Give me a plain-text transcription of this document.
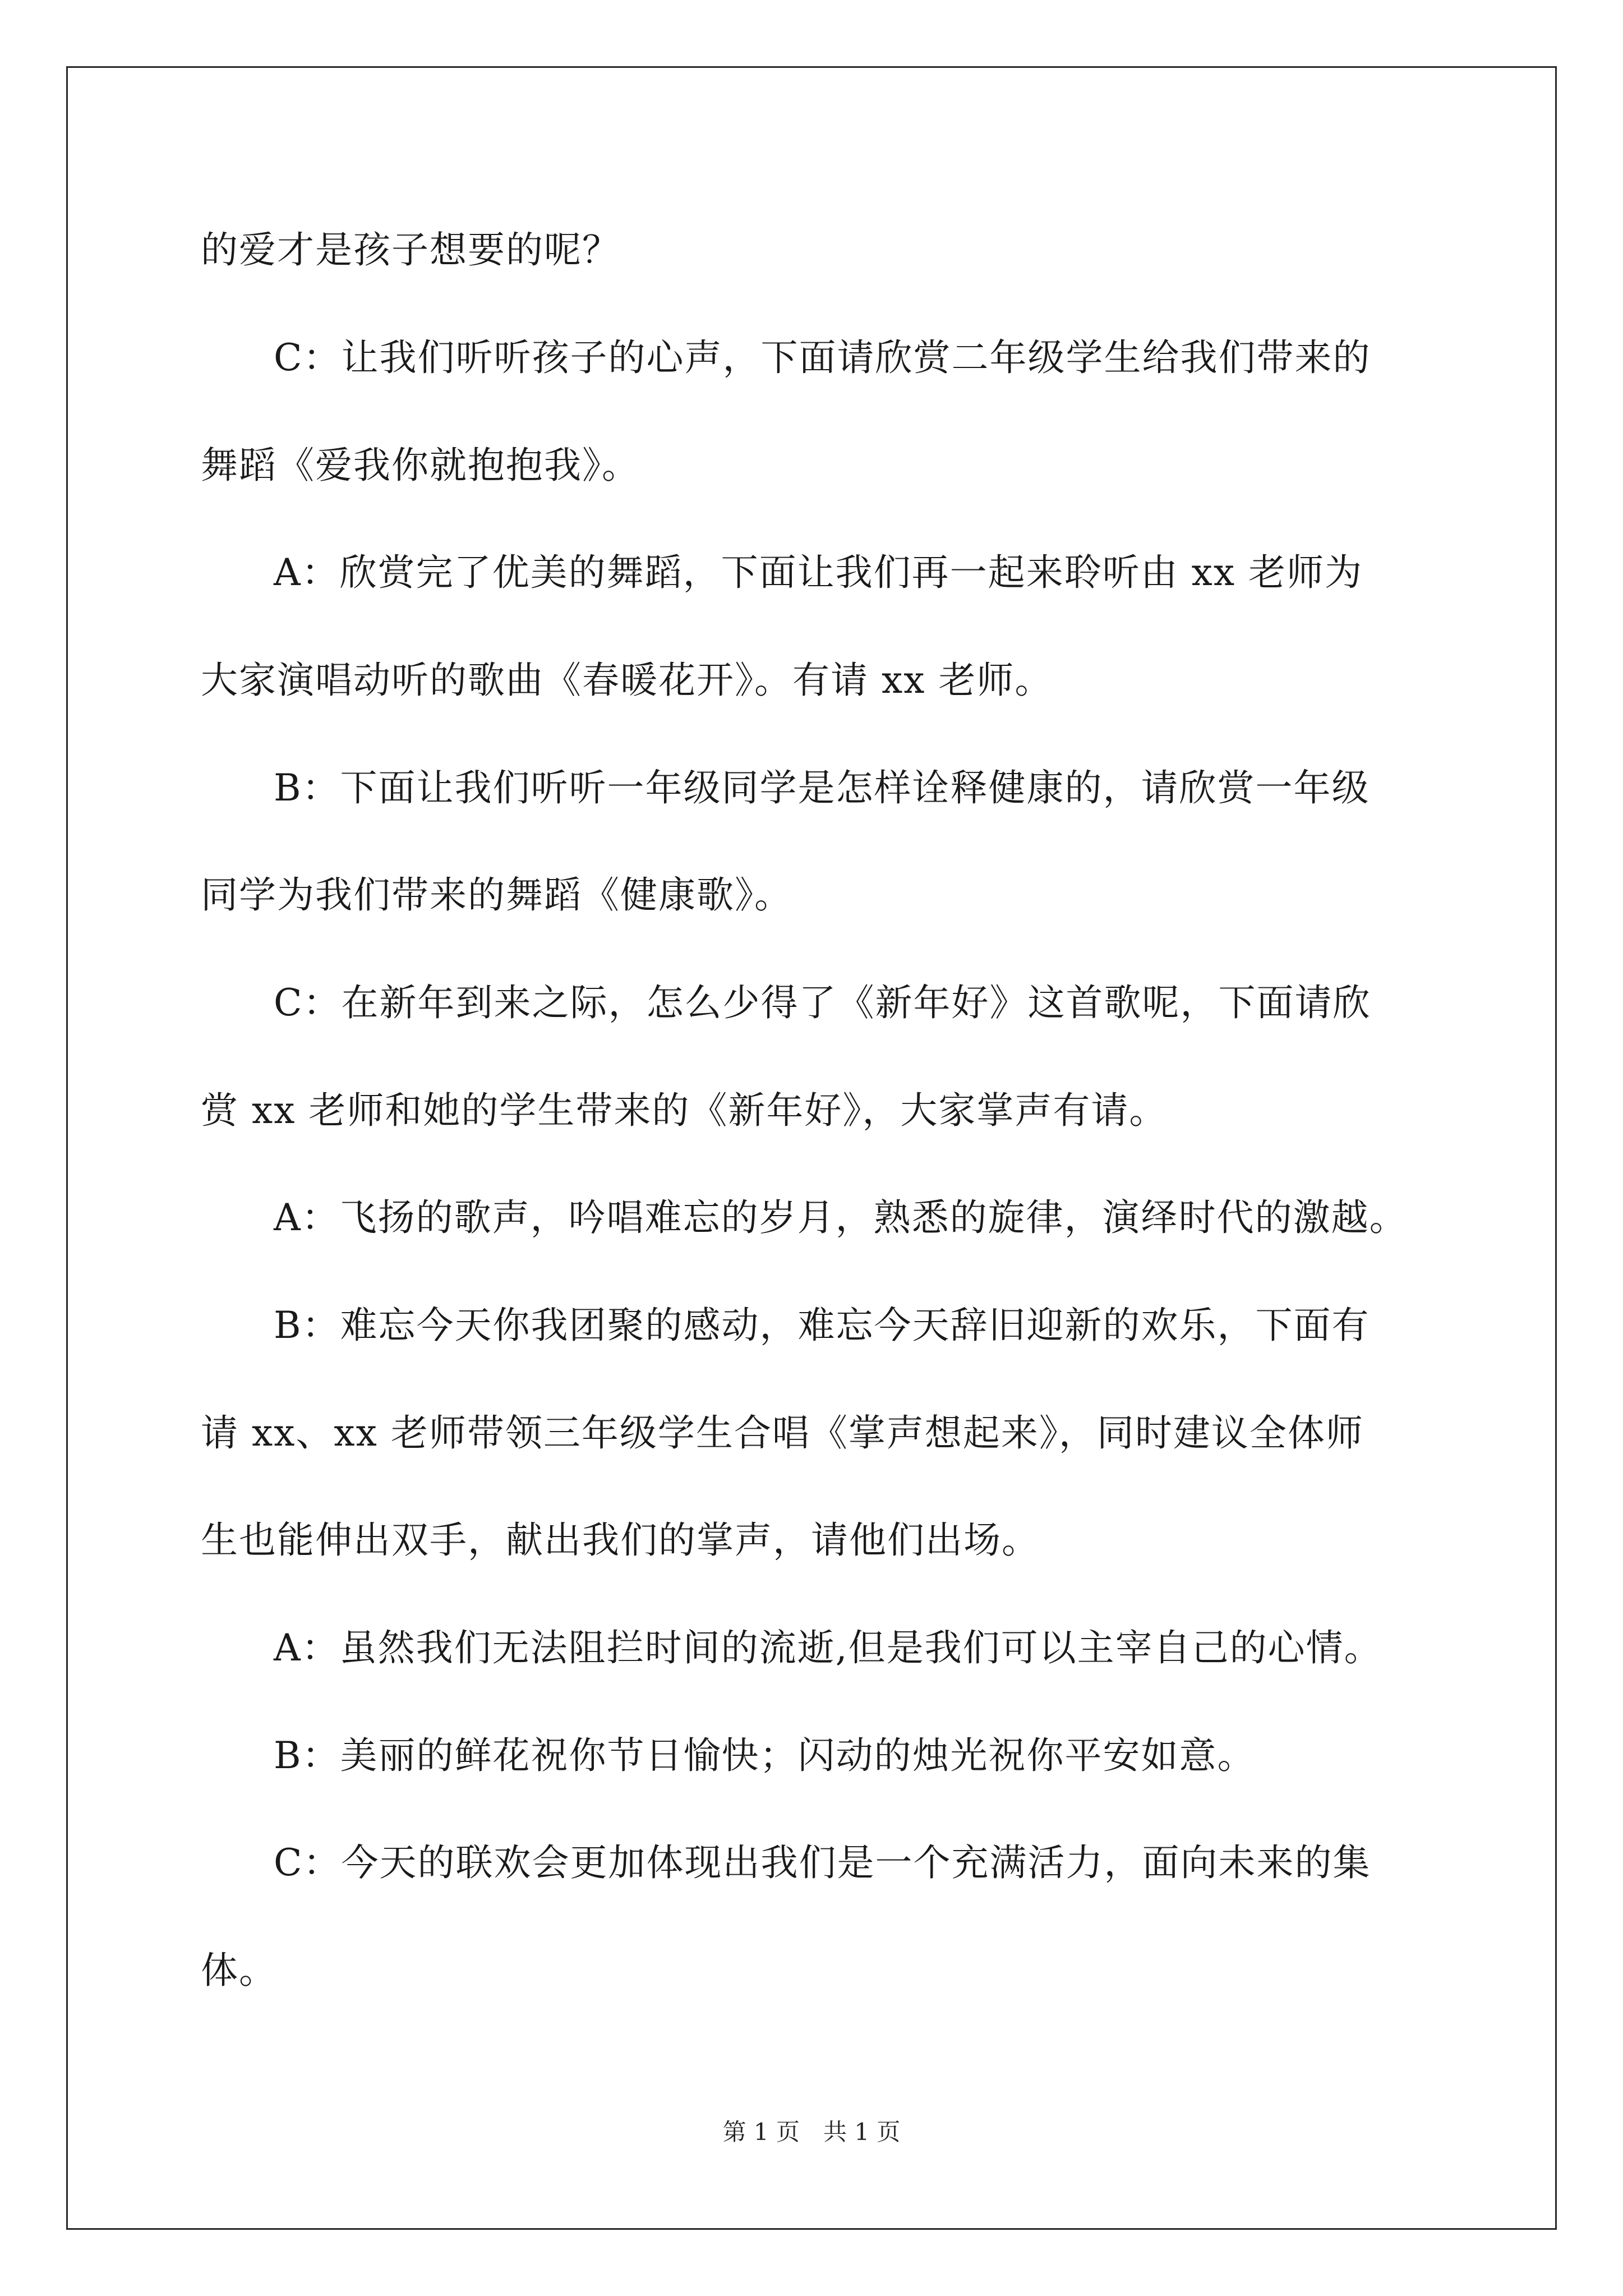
的爱才是孩子想要的呢？
C：让我们听听孩子的心声，下面请欣赏二年级学生给我们带来的
舞蹈《爱我你就抱抱我》。
A：欣赏完了优美的舞蹈，下面让我们再一起来聆听由 xx 老师为
大家演唱动听的歌曲《春暖花开》。有请 xx 老师。
B：下面让我们听听一年级同学是怎样诠释健康的，请欣赏一年级
同学为我们带来的舞蹈《健康歌》。
C：在新年到来之际，怎么少得了《新年好》这首歌呢，下面请欣
赏 xx 老师和她的学生带来的《新年好》，大家掌声有请。
A：飞扬的歌声，吟唱难忘的岁月，熟悉的旋律，演绎时代的激越。
B：难忘今天你我团聚的感动，难忘今天辞旧迎新的欢乐，下面有
请 xx、xx 老师带领三年级学生合唱《掌声想起来》，同时建议全体师
生也能伸出双手，献出我们的掌声，请他们出场。
A：虽然我们无法阻拦时间的流逝,但是我们可以主宰自己的心情。
B：美丽的鲜花祝你节日愉快；闪动的烛光祝你平安如意。
C：今天的联欢会更加体现出我们是一个充满活力，面向未来的集
体。
第 1 页　共 1 页
